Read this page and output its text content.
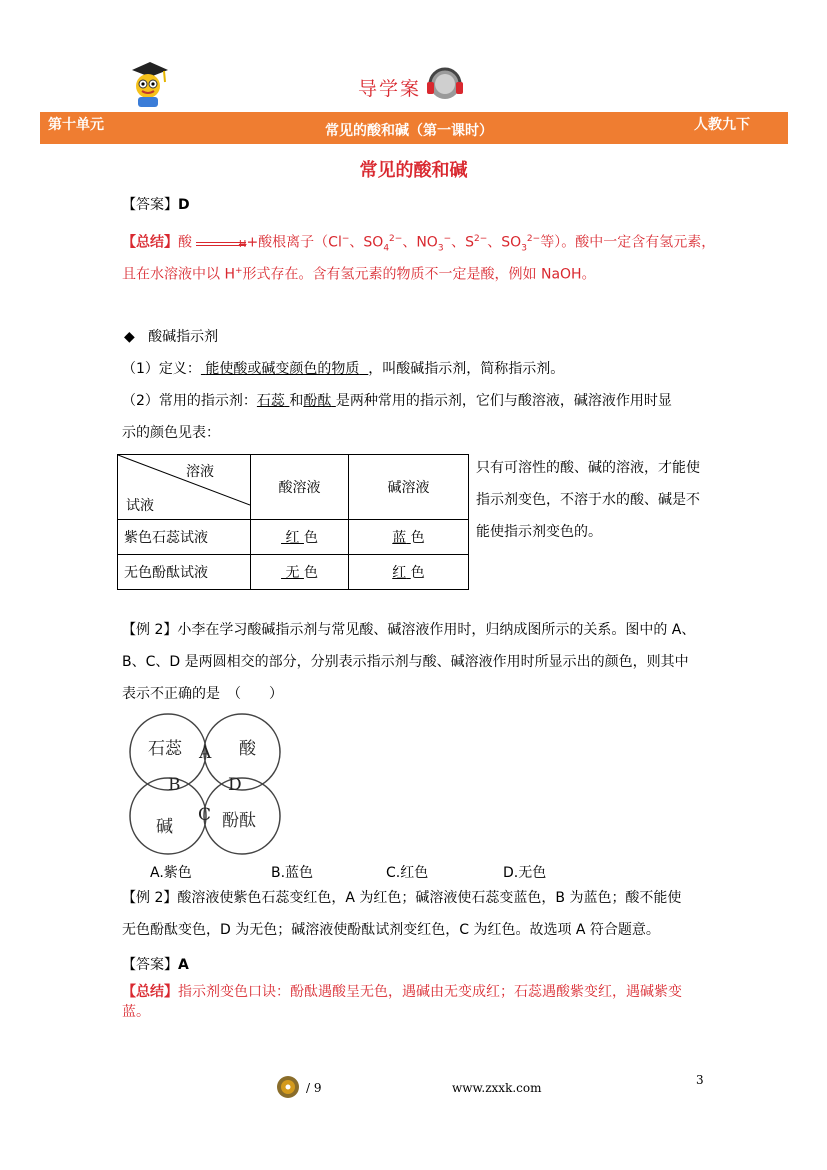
导学案
第十单元	常见的酸和碱（第一课时）	人教九下
常见的酸和碱
【答案】D
【总结】酸	H+酸根离子（Cl−、$SO_4^{2-}$、$NO_3^-$、$S^{2-}$、$SO_3^{2-}$等）。酸中一定含有氢元素，
且在水溶液中以 H+形式存在。含有氢元素的物质不一定是酸，例如 NaOH。
◆ 酸碱指示剂
（1）定义： 能使酸或碱变颜色的物质 ，叫酸碱指示剂，简称指示剂。
（2）常用的指示剂：石蕊 和酚酞 是两种常用的指示剂，它们与酸溶液，碱溶液作用时显
示的颜色见表：
溶液
试液	酸溶液	碱溶液
紫色石蕊试液	红 色	蓝 色
无色酚酞试液	无 色	红 色
只有可溶性的酸、碱的溶液，才能使指示剂变色，不溶于水的酸、碱是不能使指示剂变色的。
【例 2】小李在学习酸碱指示剂与常见酸、碱溶液作用时，归纳成图所示的关系。图中的 A、
B、C、D 是两圆相交的部分，分别表示指示剂与酸、碱溶液作用时所显示出的颜色，则其中
表示不正确的是　（　　）
石蕊	酸
碱	酚酞
A
B
C
D
A.紫色	B.蓝色	C.红色	D.无色
【例 2】酸溶液使紫色石蕊变红色，A 为红色；碱溶液使石蕊变蓝色，B 为蓝色；酸不能使
无色酚酞变色，D 为无色；碱溶液使酚酞试剂变红色，C 为红色。故选项 A 符合题意。
【答案】A
【总结】指示剂变色口诀：酚酞遇酸呈无色，遇碱由无变成红；石蕊遇酸紫变红，遇碱紫变
蓝。
/ 9	www.zxxk.com
3
